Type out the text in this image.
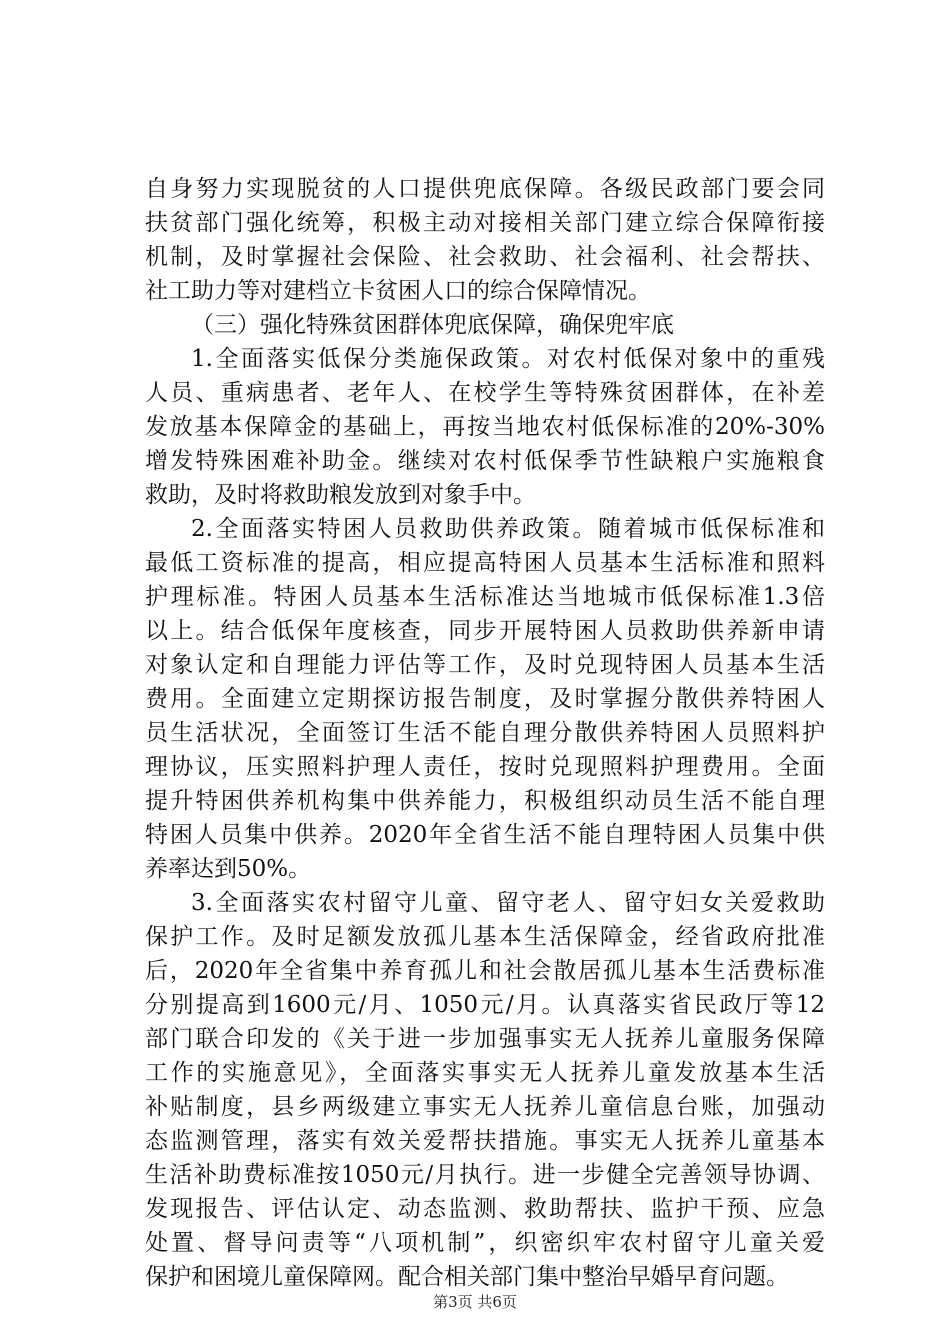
自身努力实现脱贫的人口提供兜底保障。各级民政部门要会同
扶贫部门强化统筹，积极主动对接相关部门建立综合保障衔接
机制，及时掌握社会保险、社会救助、社会福利、社会帮扶、
社工助力等对建档立卡贫困人口的综合保障情况。
（三）强化特殊贫困群体兜底保障，确保兜牢底
1.全面落实低保分类施保政策。对农村低保对象中的重残
人员、重病患者、老年人、在校学生等特殊贫困群体，在补差
发放基本保障金的基础上，再按当地农村低保标准的20%-30%
增发特殊困难补助金。继续对农村低保季节性缺粮户实施粮食
救助，及时将救助粮发放到对象手中。
2.全面落实特困人员救助供养政策。随着城市低保标准和
最低工资标准的提高，相应提高特困人员基本生活标准和照料
护理标准。特困人员基本生活标准达当地城市低保标准1.3倍
以上。结合低保年度核查，同步开展特困人员救助供养新申请
对象认定和自理能力评估等工作，及时兑现特困人员基本生活
费用。全面建立定期探访报告制度，及时掌握分散供养特困人
员生活状况，全面签订生活不能自理分散供养特困人员照料护
理协议，压实照料护理人责任，按时兑现照料护理费用。全面
提升特困供养机构集中供养能力，积极组织动员生活不能自理
特困人员集中供养。2020年全省生活不能自理特困人员集中供
养率达到50%。
3.全面落实农村留守儿童、留守老人、留守妇女关爱救助
保护工作。及时足额发放孤儿基本生活保障金，经省政府批准
后，2020年全省集中养育孤儿和社会散居孤儿基本生活费标准
分别提高到1600元/月、1050元/月。认真落实省民政厅等12
部门联合印发的《关于进一步加强事实无人抚养儿童服务保障
工作的实施意见》，全面落实事实无人抚养儿童发放基本生活
补贴制度，县乡两级建立事实无人抚养儿童信息台账，加强动
态监测管理，落实有效关爱帮扶措施。事实无人抚养儿童基本
生活补助费标准按1050元/月执行。进一步健全完善领导协调、
发现报告、评估认定、动态监测、救助帮扶、监护干预、应急
处置、督导问责等“八项机制”，织密织牢农村留守儿童关爱
保护和困境儿童保障网。配合相关部门集中整治早婚早育问题。
第3页 共6页
